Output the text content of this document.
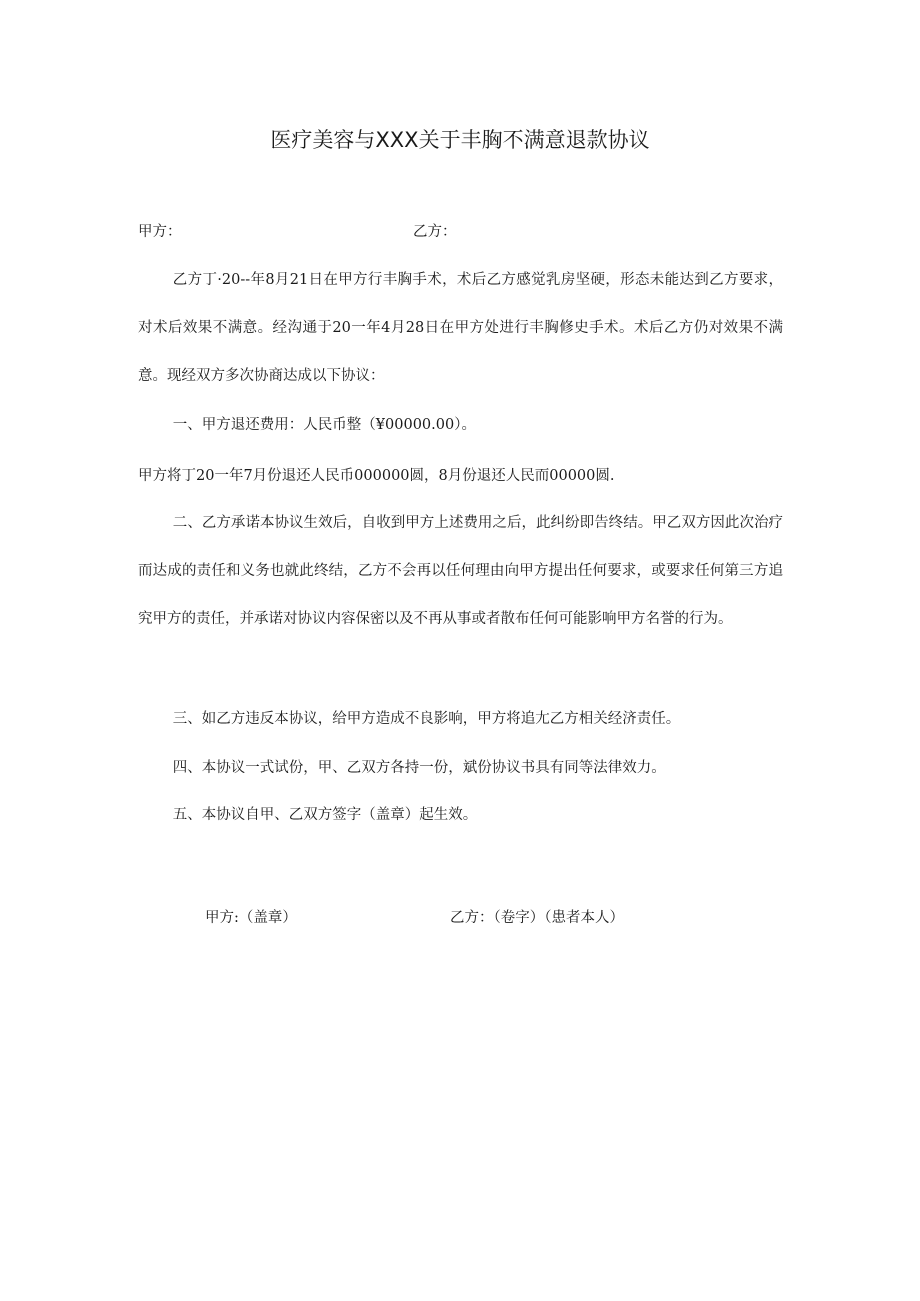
医疗美容与XXX关于丰胸不满意退款协议
甲方：	乙方：

乙方丁·20--年8月21日在甲方行丰胸手术，术后乙方感觉乳房坚硬，形态未能达到乙方要求，对术后效果不满意。经沟通于20一年4月28日在甲方处进行丰胸修史手术。术后乙方仍对效果不满意。现经双方多次协商达成以下协议：

一、甲方退还费用：人民币整（¥00000.00）。

甲方将丁20一年7月份退还人民币000000圆，8月份退还人民而00000圆.

二、乙方承诺本协议生效后，自收到甲方上述费用之后，此纠纷即告终结。甲乙双方因此次治疗而达成的责任和义务也就此终结，乙方不会再以任何理由向甲方提出任何要求，或要求任何第三方追究甲方的责任，并承诺对协议内容保密以及不再从事或者散布任何可能影响甲方名誉的行为。

三、如乙方违反本协议，给甲方造成不良影响，甲方将追尢乙方相关经济责任。

四、本协议一式试份，甲、乙双方各持一份，斌份协议书具有同等法律效力。

五、本协议自甲、乙双方签字（盖章）起生效。

甲方:（盖章）	乙方：（卷字）（患者本人）
